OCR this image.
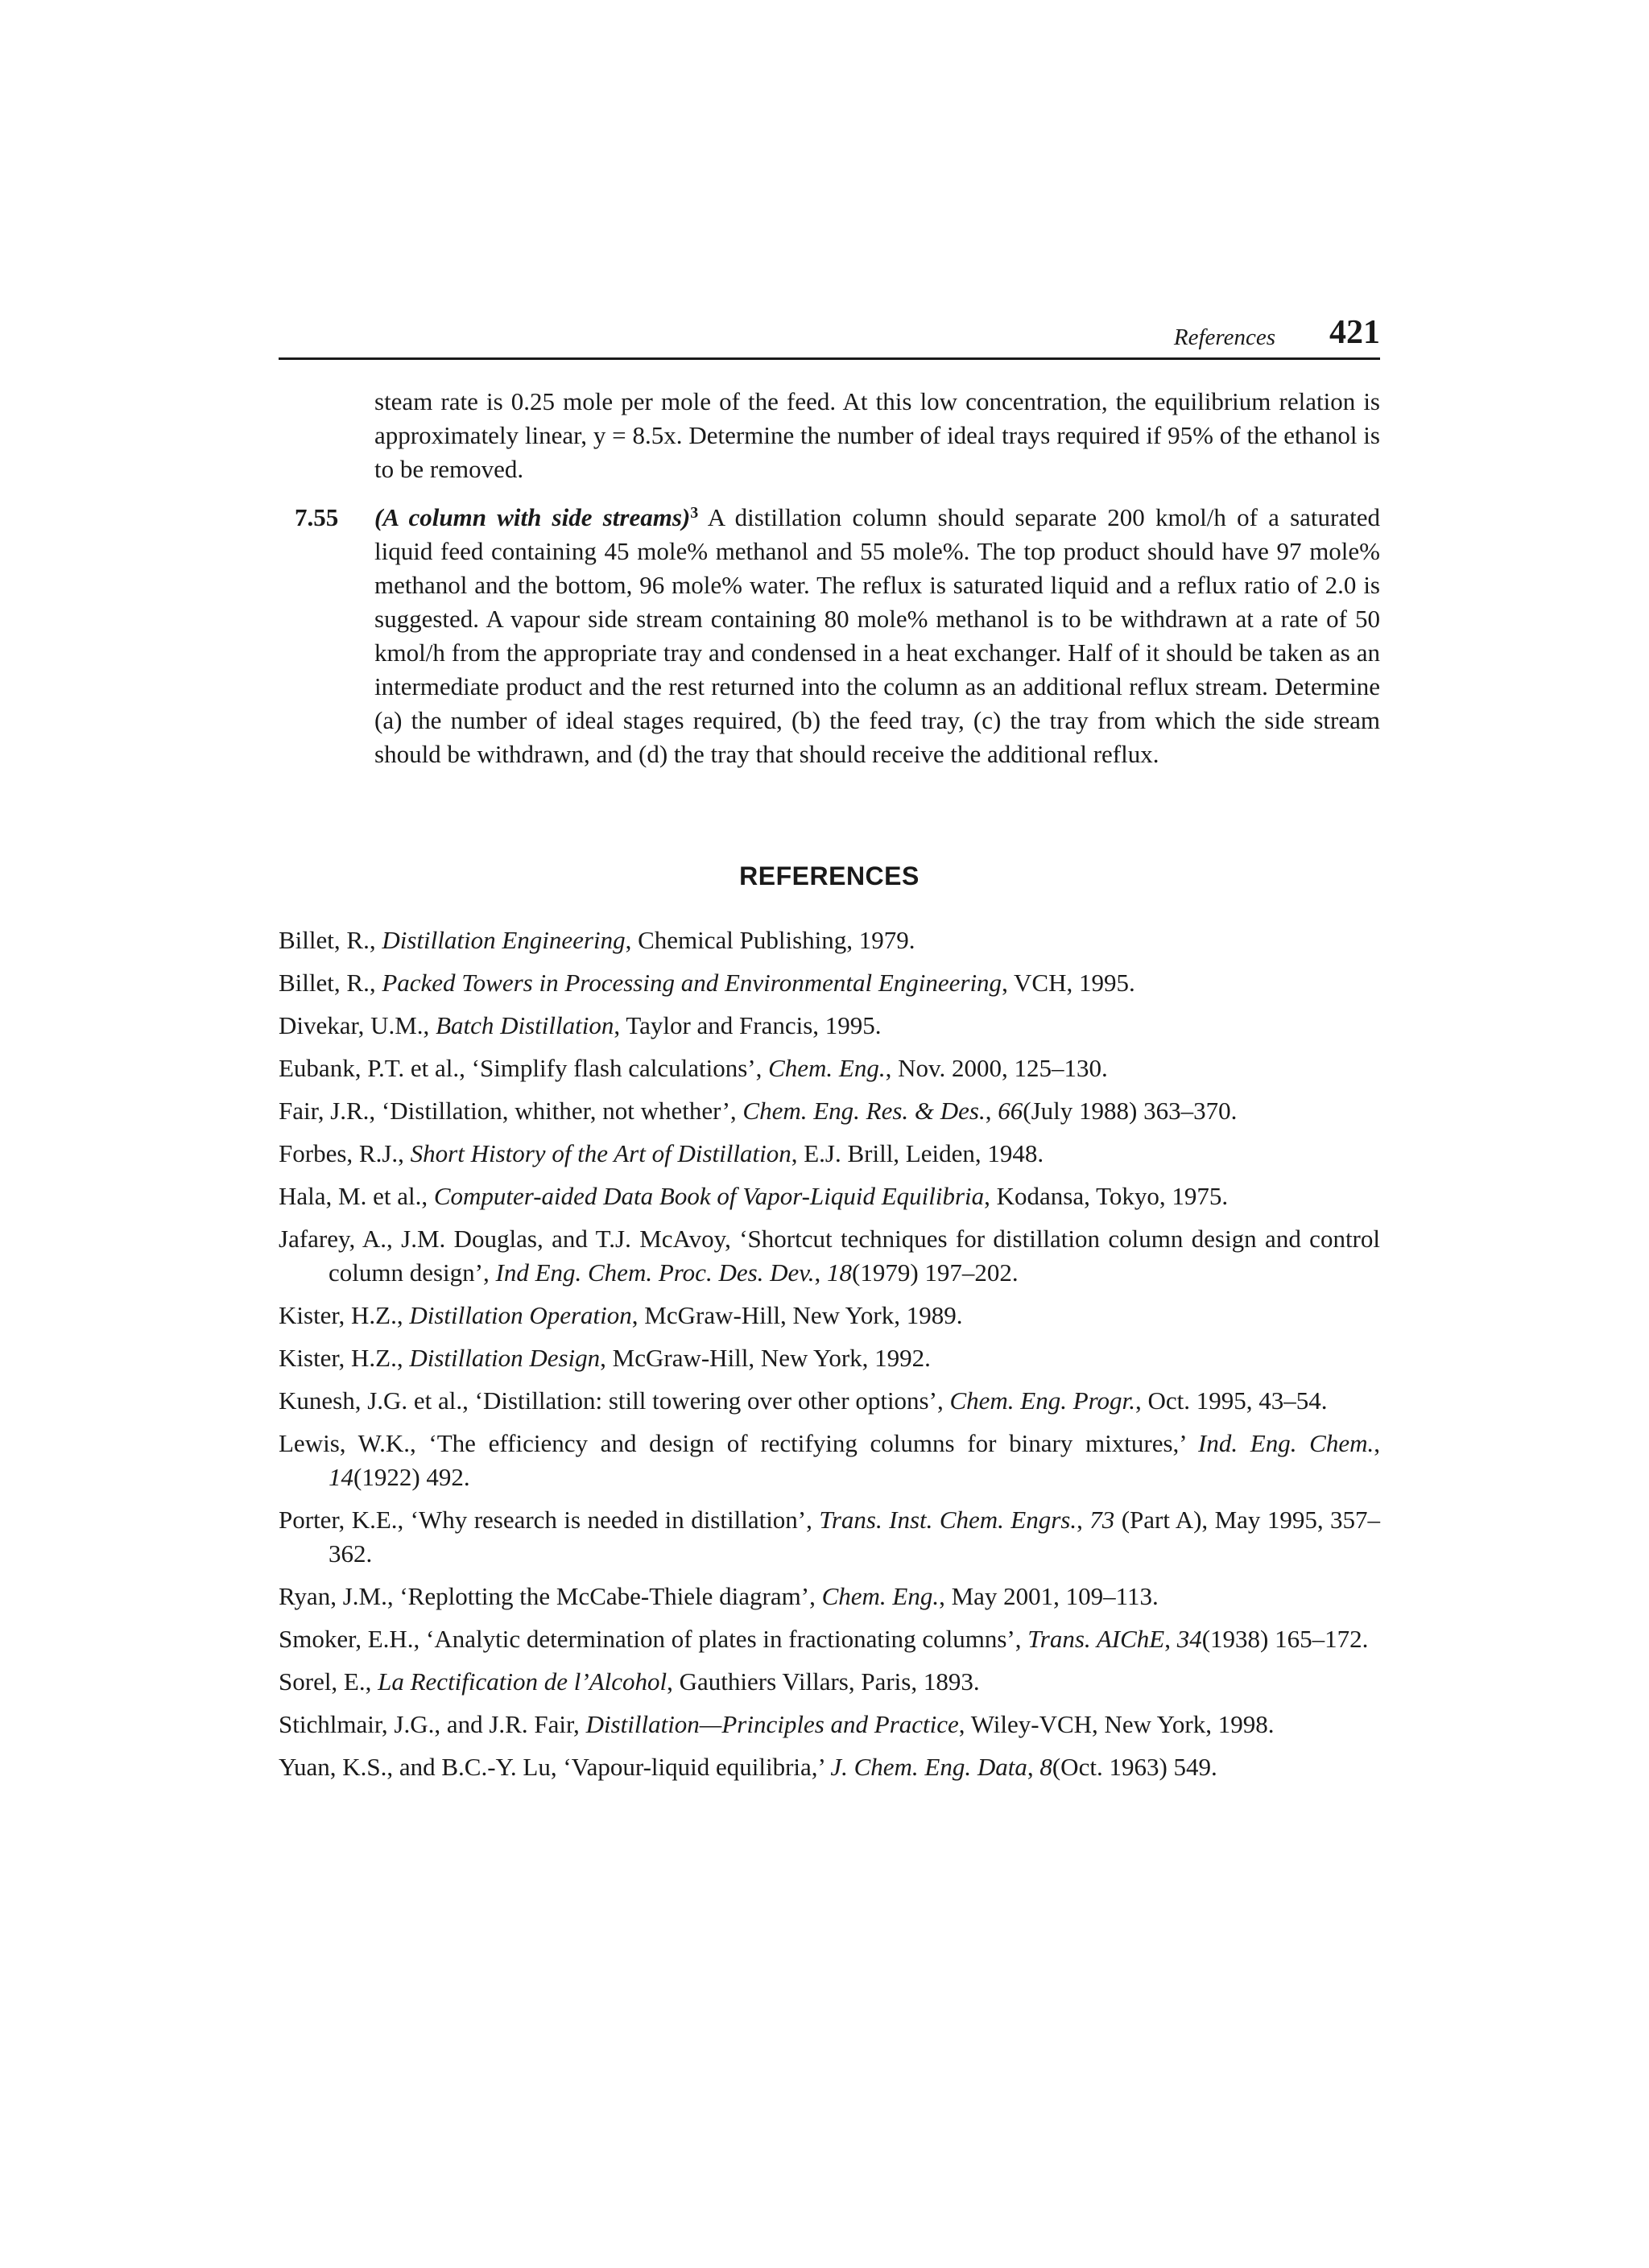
References 421
steam rate is 0.25 mole per mole of the feed. At this low concentration, the equilibrium relation is approximately linear, y = 8.5x. Determine the number of ideal trays required if 95% of the ethanol is to be removed.
7.55 (A column with side streams)$^3$ A distillation column should separate 200 kmol/h of a saturated liquid feed containing 45 mole% methanol and 55 mole%. The top product should have 97 mole% methanol and the bottom, 96 mole% water. The reflux is saturated liquid and a reflux ratio of 2.0 is suggested. A vapour side stream containing 80 mole% methanol is to be withdrawn at a rate of 50 kmol/h from the appropriate tray and condensed in a heat exchanger. Half of it should be taken as an intermediate product and the rest returned into the column as an additional reflux stream. Determine (a) the number of ideal stages required, (b) the feed tray, (c) the tray from which the side stream should be withdrawn, and (d) the tray that should receive the additional reflux.
REFERENCES
Billet, R., Distillation Engineering, Chemical Publishing, 1979.
Billet, R., Packed Towers in Processing and Environmental Engineering, VCH, 1995.
Divekar, U.M., Batch Distillation, Taylor and Francis, 1995.
Eubank, P.T. et al., ‘Simplify flash calculations’, Chem. Eng., Nov. 2000, 125–130.
Fair, J.R., ‘Distillation, whither, not whether’, Chem. Eng. Res. & Des., 66(July 1988) 363–370.
Forbes, R.J., Short History of the Art of Distillation, E.J. Brill, Leiden, 1948.
Hala, M. et al., Computer-aided Data Book of Vapor-Liquid Equilibria, Kodansa, Tokyo, 1975.
Jafarey, A., J.M. Douglas, and T.J. McAvoy, ‘Shortcut techniques for distillation column design and control column design’, Ind Eng. Chem. Proc. Des. Dev., 18(1979) 197–202.
Kister, H.Z., Distillation Operation, McGraw-Hill, New York, 1989.
Kister, H.Z., Distillation Design, McGraw-Hill, New York, 1992.
Kunesh, J.G. et al., ‘Distillation: still towering over other options’, Chem. Eng. Progr., Oct. 1995, 43–54.
Lewis, W.K., ‘The efficiency and design of rectifying columns for binary mixtures,’ Ind. Eng. Chem., 14(1922) 492.
Porter, K.E., ‘Why research is needed in distillation’, Trans. Inst. Chem. Engrs., 73 (Part A), May 1995, 357–362.
Ryan, J.M., ‘Replotting the McCabe-Thiele diagram’, Chem. Eng., May 2001, 109–113.
Smoker, E.H., ‘Analytic determination of plates in fractionating columns’, Trans. AIChE, 34(1938) 165–172.
Sorel, E., La Rectification de l’Alcohol, Gauthiers Villars, Paris, 1893.
Stichlmair, J.G., and J.R. Fair, Distillation—Principles and Practice, Wiley-VCH, New York, 1998.
Yuan, K.S., and B.C.-Y. Lu, ‘Vapour-liquid equilibria,’ J. Chem. Eng. Data, 8(Oct. 1963) 549.
